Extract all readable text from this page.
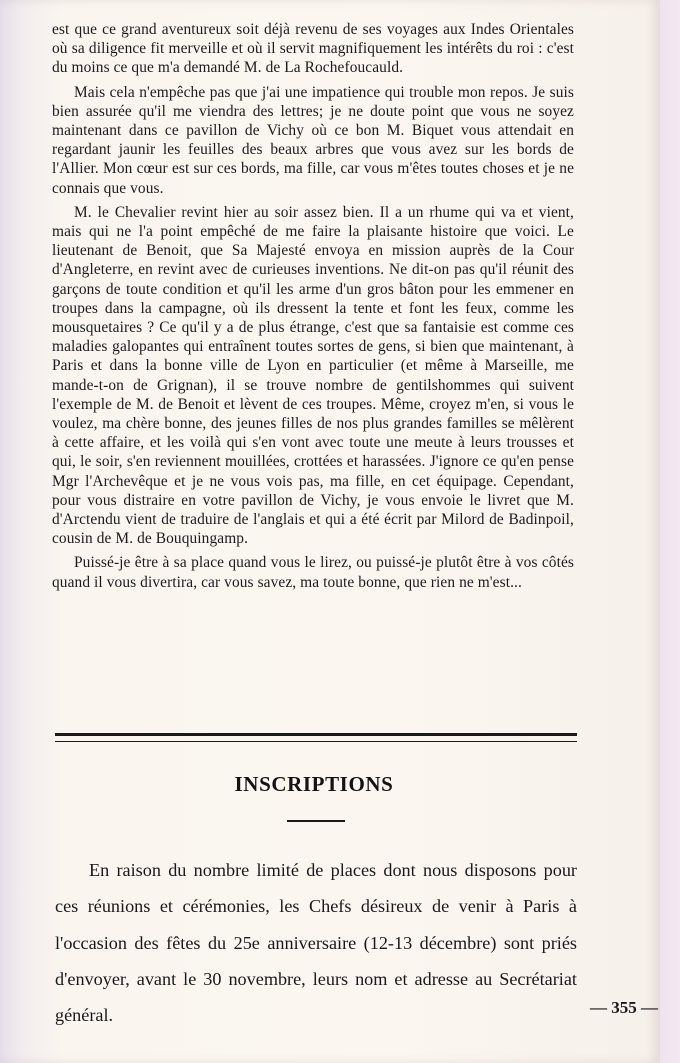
est que ce grand aventureux soit déjà revenu de ses voyages aux Indes Orientales où sa diligence fit merveille et où il servit magnifiquement les intérêts du roi : c'est du moins ce que m'a demandé M. de La Rochefoucauld.

Mais cela n'empêche pas que j'ai une impatience qui trouble mon repos. Je suis bien assurée qu'il me viendra des lettres; je ne doute point que vous ne soyez maintenant dans ce pavillon de Vichy où ce bon M. Biquet vous attendait en regardant jaunir les feuilles des beaux arbres que vous avez sur les bords de l'Allier. Mon cœur est sur ces bords, ma fille, car vous m'êtes toutes choses et je ne connais que vous.

M. le Chevalier revint hier au soir assez bien. Il a un rhume qui va et vient, mais qui ne l'a point empêché de me faire la plaisante histoire que voici. Le lieutenant de Benoit, que Sa Majesté envoya en mission auprès de la Cour d'Angleterre, en revint avec de curieuses inventions. Ne dit-on pas qu'il réunit des garçons de toute condition et qu'il les arme d'un gros bâton pour les emmener en troupes dans la campagne, où ils dressent la tente et font les feux, comme les mousquetaires ? Ce qu'il y a de plus étrange, c'est que sa fantaisie est comme ces maladies galopantes qui entraînent toutes sortes de gens, si bien que maintenant, à Paris et dans la bonne ville de Lyon en particulier (et même à Marseille, me mande-t-on de Grignan), il se trouve nombre de gentilshommes qui suivent l'exemple de M. de Benoit et lèvent de ces troupes. Même, croyez m'en, si vous le voulez, ma chère bonne, des jeunes filles de nos plus grandes familles se mêlèrent à cette affaire, et les voilà qui s'en vont avec toute une meute à leurs trousses et qui, le soir, s'en reviennent mouillées, crottées et harassées. J'ignore ce qu'en pense Mgr l'Archevêque et je ne vous vois pas, ma fille, en cet équipage. Cependant, pour vous distraire en votre pavillon de Vichy, je vous envoie le livret que M. d'Arctendu vient de traduire de l'anglais et qui a été écrit par Milord de Badinpoil, cousin de M. de Bouquingamp.

Puissé-je être à sa place quand vous le lirez, ou puissé-je plutôt être à vos côtés quand il vous divertira, car vous savez, ma toute bonne, que rien ne m'est...

INSCRIPTIONS
En raison du nombre limité de places dont nous disposons pour ces réunions et cérémonies, les Chefs désireux de venir à Paris à l'occasion des fêtes du 25e anniversaire (12-13 décembre) sont priés d'envoyer, avant le 30 novembre, leurs nom et adresse au Secrétariat général.	— 355 —
